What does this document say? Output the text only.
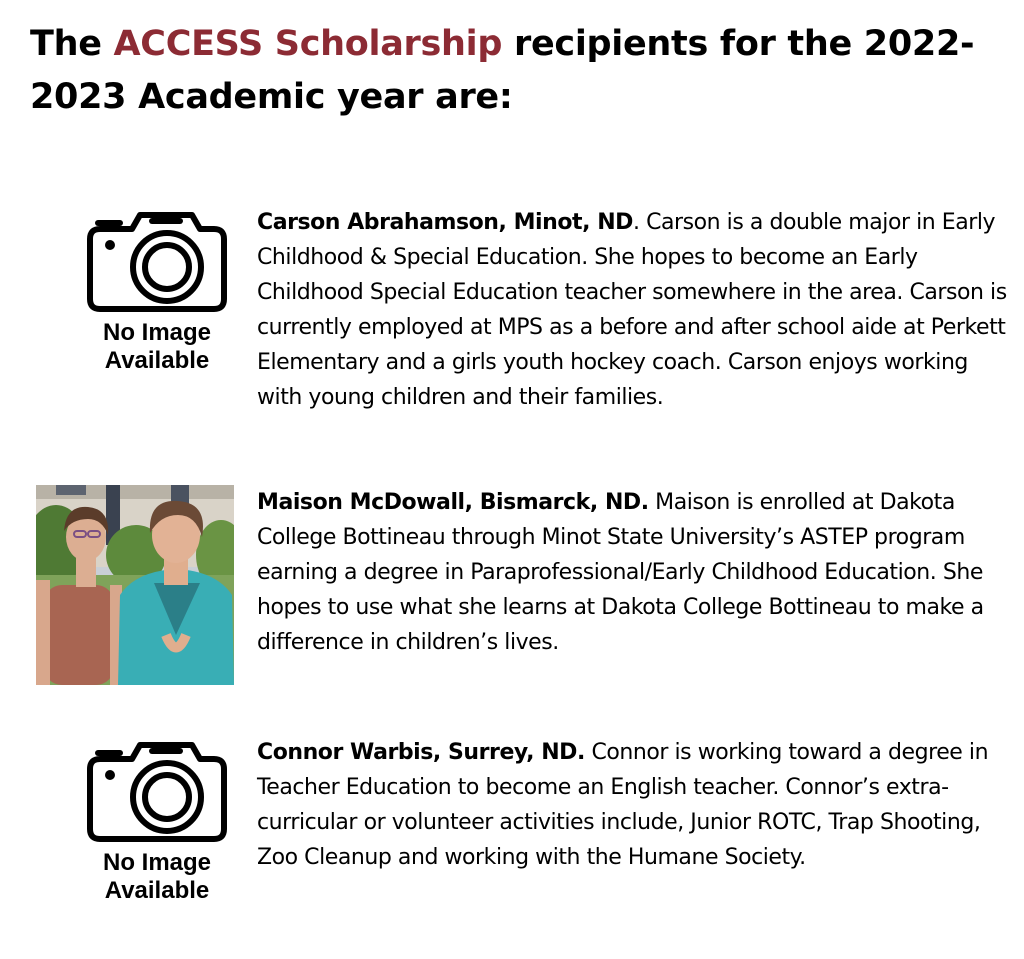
The ACCESS Scholarship recipients for the 2022-2023 Academic year are:
No Image
Available

Carson Abrahamson, Minot, ND. Carson is a double major in Early Childhood & Special Education. She hopes to become an Early Childhood Special Education teacher somewhere in the area. Carson is currently employed at MPS as a before and after school aide at Perkett Elementary and a girls youth hockey coach. Carson enjoys working with young children and their families.

Maison McDowall, Bismarck, ND. Maison is enrolled at Dakota College Bottineau through Minot State University’s ASTEP program earning a degree in Paraprofessional/Early Childhood Education. She hopes to use what she learns at Dakota College Bottineau to make a difference in children’s lives.

No Image
Available

Connor Warbis, Surrey, ND. Connor is working toward a degree in Teacher Education to become an English teacher. Connor’s extra-curricular or volunteer activities include, Junior ROTC, Trap Shooting, Zoo Cleanup and working with the Humane Society.
